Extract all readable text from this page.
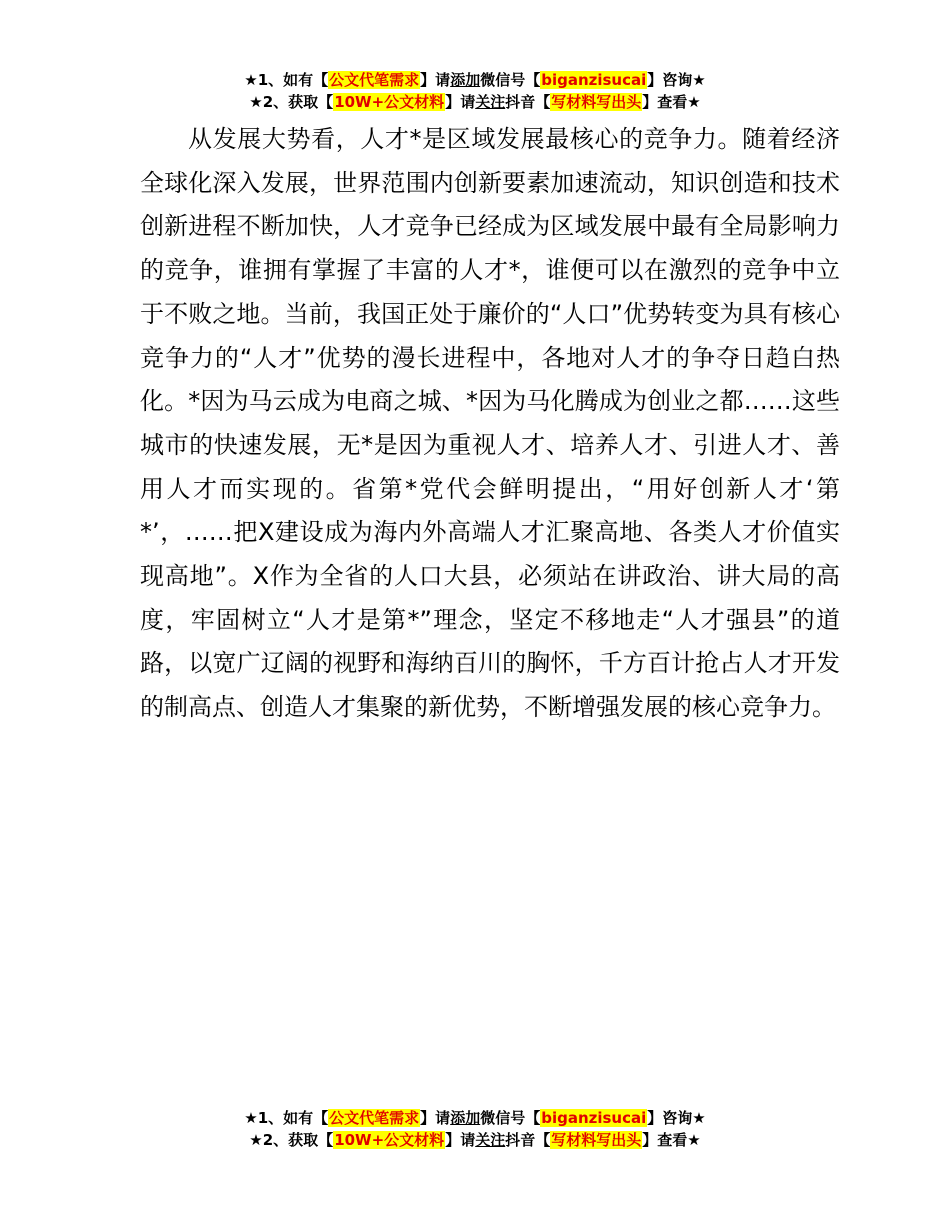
★1、如有【公文代笔需求】请添加微信号【biganzisucai】咨询★
★2、获取【10W+公文材料】请关注抖音【写材料写出头】查看★

从发展大势看，人才*是区域发展最核心的竞争力。随着经济全球化深入发展，世界范围内创新要素加速流动，知识创造和技术创新进程不断加快，人才竞争已经成为区域发展中最有全局影响力的竞争，谁拥有掌握了丰富的人才*，谁便可以在激烈的竞争中立于不败之地。当前，我国正处于廉价的“人口”优势转变为具有核心竞争力的“人才”优势的漫长进程中，各地对人才的争夺日趋白热化。*因为马云成为电商之城、*因为马化腾成为创业之都……这些城市的快速发展，无*是因为重视人才、培养人才、引进人才、善用人才而实现的。省第*党代会鲜明提出，“用好创新人才‘第*’，……把X建设成为海内外高端人才汇聚高地、各类人才价值实现高地”。X作为全省的人口大县，必须站在讲政治、讲大局的高度，牢固树立“人才是第*”理念，坚定不移地走“人才强县”的道路，以宽广辽阔的视野和海纳百川的胸怀，千方百计抢占人才开发的制高点、创造人才集聚的新优势，不断增强发展的核心竞争力。

★1、如有【公文代笔需求】请添加微信号【biganzisucai】咨询★
★2、获取【10W+公文材料】请关注抖音【写材料写出头】查看★
